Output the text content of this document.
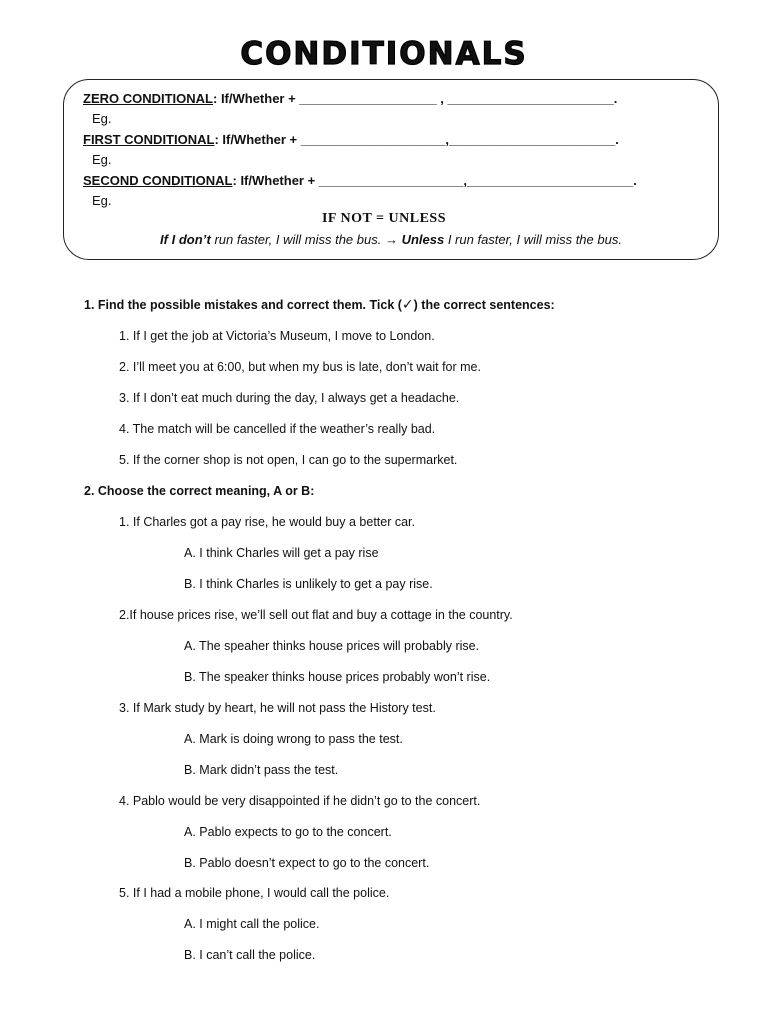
CONDITIONALS
ZERO CONDITIONAL: If/Whether + ___________________ , _______________________.
Eg.
FIRST CONDITIONAL: If/Whether + ____________________,_______________________.
Eg.
SECOND CONDITIONAL: If/Whether + ____________________,_______________________.
Eg.
IF NOT = UNLESS
If I don’t run faster, I will miss the bus. → Unless I run faster, I will miss the bus.
1. Find the possible mistakes and correct them. Tick (✓) the correct sentences:
1. If I get the job at Victoria’s Museum, I move to London.
2. I’ll meet you at 6:00, but when my bus is late, don’t wait for me.
3. If I don’t eat much during the day, I always get a headache.
4. The match will be cancelled if the weather’s really bad.
5. If the corner shop is not open, I can go to the supermarket.
2. Choose the correct meaning, A or B:
1. If Charles got a pay rise, he would buy a better car.
A. I think Charles will get a pay rise
B. I think Charles is unlikely to get a pay rise.
2.If house prices rise, we’ll sell out flat and buy a cottage in the country.
A. The speaher thinks house prices will probably rise.
B. The speaker thinks house prices probably won’t rise.
3. If Mark study by heart, he will not pass the History test.
A. Mark is doing wrong to pass the test.
B. Mark didn’t pass the test.
4. Pablo would be very disappointed if he didn’t go to the concert.
A. Pablo expects to go to the concert.
B. Pablo doesn’t expect to go to the concert.
5. If I had a mobile phone, I would call the police.
A. I might call the police.
B. I can’t call the police.
